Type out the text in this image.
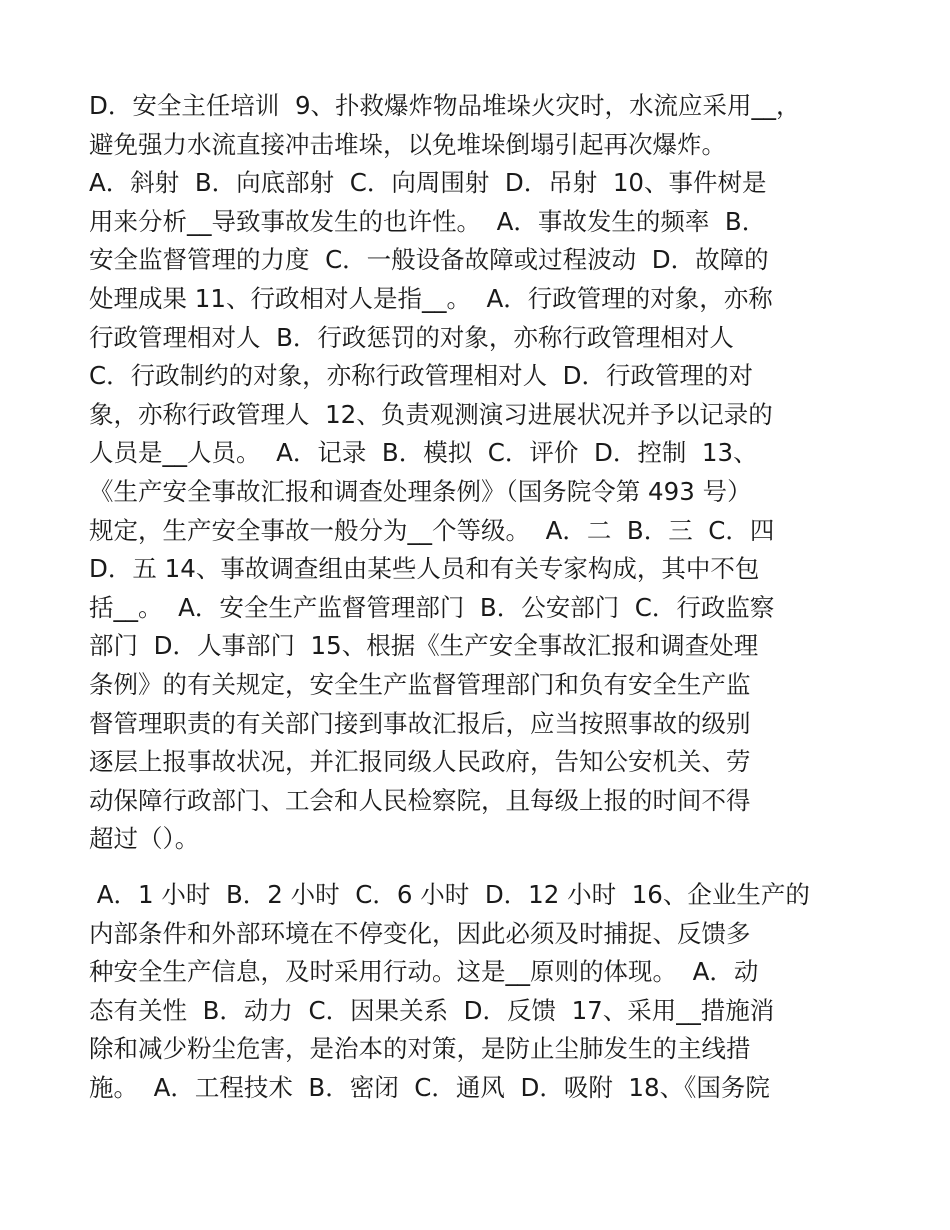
D．安全主任培训  9、扑救爆炸物品堆垛火灾时，水流应采用__，
避免强力水流直接冲击堆垛，以免堆垛倒塌引起再次爆炸。
A．斜射  B．向底部射  C．向周围射  D．吊射  10、事件树是
用来分析__导致事故发生的也许性。  A．事故发生的频率  B．
安全监督管理的力度  C．一般设备故障或过程波动  D．故障的
处理成果 11、行政相对人是指__。  A．行政管理的对象，亦称
行政管理相对人  B．行政惩罚的对象，亦称行政管理相对人
C．行政制约的对象，亦称行政管理相对人  D．行政管理的对
象，亦称行政管理人  12、负责观测演习进展状况并予以记录的
人员是__人员。  A．记录  B．模拟  C．评价  D．控制  13、
《生产安全事故汇报和调查处理条例》（国务院令第 493 号）
规定，生产安全事故一般分为__个等级。  A．二  B．三  C．四
D．五 14、事故调查组由某些人员和有关专家构成，其中不包
括__。  A．安全生产监督管理部门  B．公安部门  C．行政监察
部门  D．人事部门  15、根据《生产安全事故汇报和调查处理
条例》的有关规定，安全生产监督管理部门和负有安全生产监
督管理职责的有关部门接到事故汇报后，应当按照事故的级别
逐层上报事故状况，并汇报同级人民政府，告知公安机关、劳
动保障行政部门、工会和人民检察院，且每级上报的时间不得
超过（）。
A．1 小时  B．2 小时  C．6 小时  D．12 小时  16、企业生产的
内部条件和外部环境在不停变化，因此必须及时捕捉、反馈多
种安全生产信息，及时采用行动。这是__原则的体现。  A．动
态有关性  B．动力  C．因果关系  D．反馈  17、采用__措施消
除和减少粉尘危害，是治本的对策，是防止尘肺发生的主线措
施。  A．工程技术  B．密闭  C．通风  D．吸附  18、《国务院
